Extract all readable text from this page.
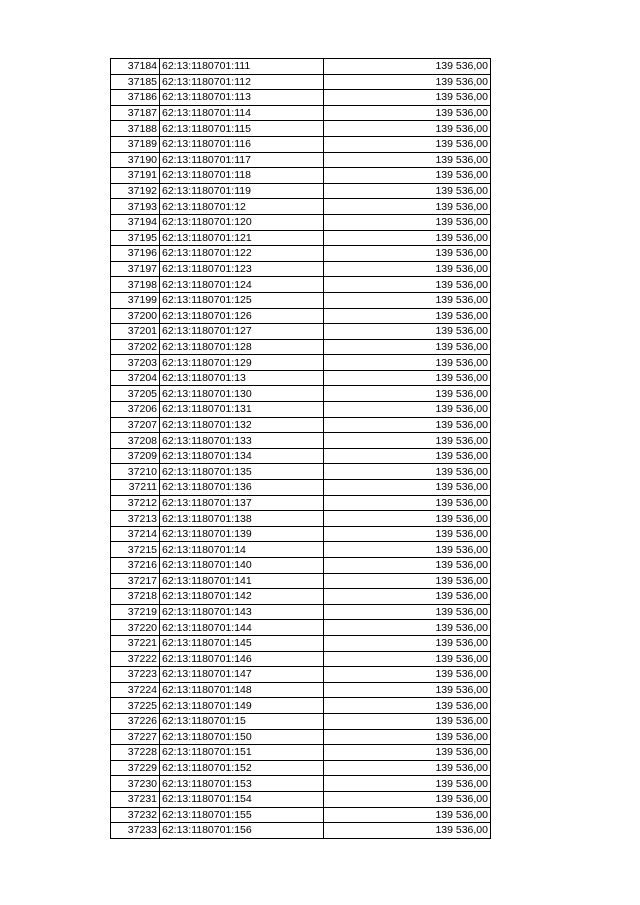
37184	62:13:1180701:111	139 536,00
37185	62:13:1180701:112	139 536,00
37186	62:13:1180701:113	139 536,00
37187	62:13:1180701:114	139 536,00
37188	62:13:1180701:115	139 536,00
37189	62:13:1180701:116	139 536,00
37190	62:13:1180701:117	139 536,00
37191	62:13:1180701:118	139 536,00
37192	62:13:1180701:119	139 536,00
37193	62:13:1180701:12	139 536,00
37194	62:13:1180701:120	139 536,00
37195	62:13:1180701:121	139 536,00
37196	62:13:1180701:122	139 536,00
37197	62:13:1180701:123	139 536,00
37198	62:13:1180701:124	139 536,00
37199	62:13:1180701:125	139 536,00
37200	62:13:1180701:126	139 536,00
37201	62:13:1180701:127	139 536,00
37202	62:13:1180701:128	139 536,00
37203	62:13:1180701:129	139 536,00
37204	62:13:1180701:13	139 536,00
37205	62:13:1180701:130	139 536,00
37206	62:13:1180701:131	139 536,00
37207	62:13:1180701:132	139 536,00
37208	62:13:1180701:133	139 536,00
37209	62:13:1180701:134	139 536,00
37210	62:13:1180701:135	139 536,00
37211	62:13:1180701:136	139 536,00
37212	62:13:1180701:137	139 536,00
37213	62:13:1180701:138	139 536,00
37214	62:13:1180701:139	139 536,00
37215	62:13:1180701:14	139 536,00
37216	62:13:1180701:140	139 536,00
37217	62:13:1180701:141	139 536,00
37218	62:13:1180701:142	139 536,00
37219	62:13:1180701:143	139 536,00
37220	62:13:1180701:144	139 536,00
37221	62:13:1180701:145	139 536,00
37222	62:13:1180701:146	139 536,00
37223	62:13:1180701:147	139 536,00
37224	62:13:1180701:148	139 536,00
37225	62:13:1180701:149	139 536,00
37226	62:13:1180701:15	139 536,00
37227	62:13:1180701:150	139 536,00
37228	62:13:1180701:151	139 536,00
37229	62:13:1180701:152	139 536,00
37230	62:13:1180701:153	139 536,00
37231	62:13:1180701:154	139 536,00
37232	62:13:1180701:155	139 536,00
37233	62:13:1180701:156	139 536,00
